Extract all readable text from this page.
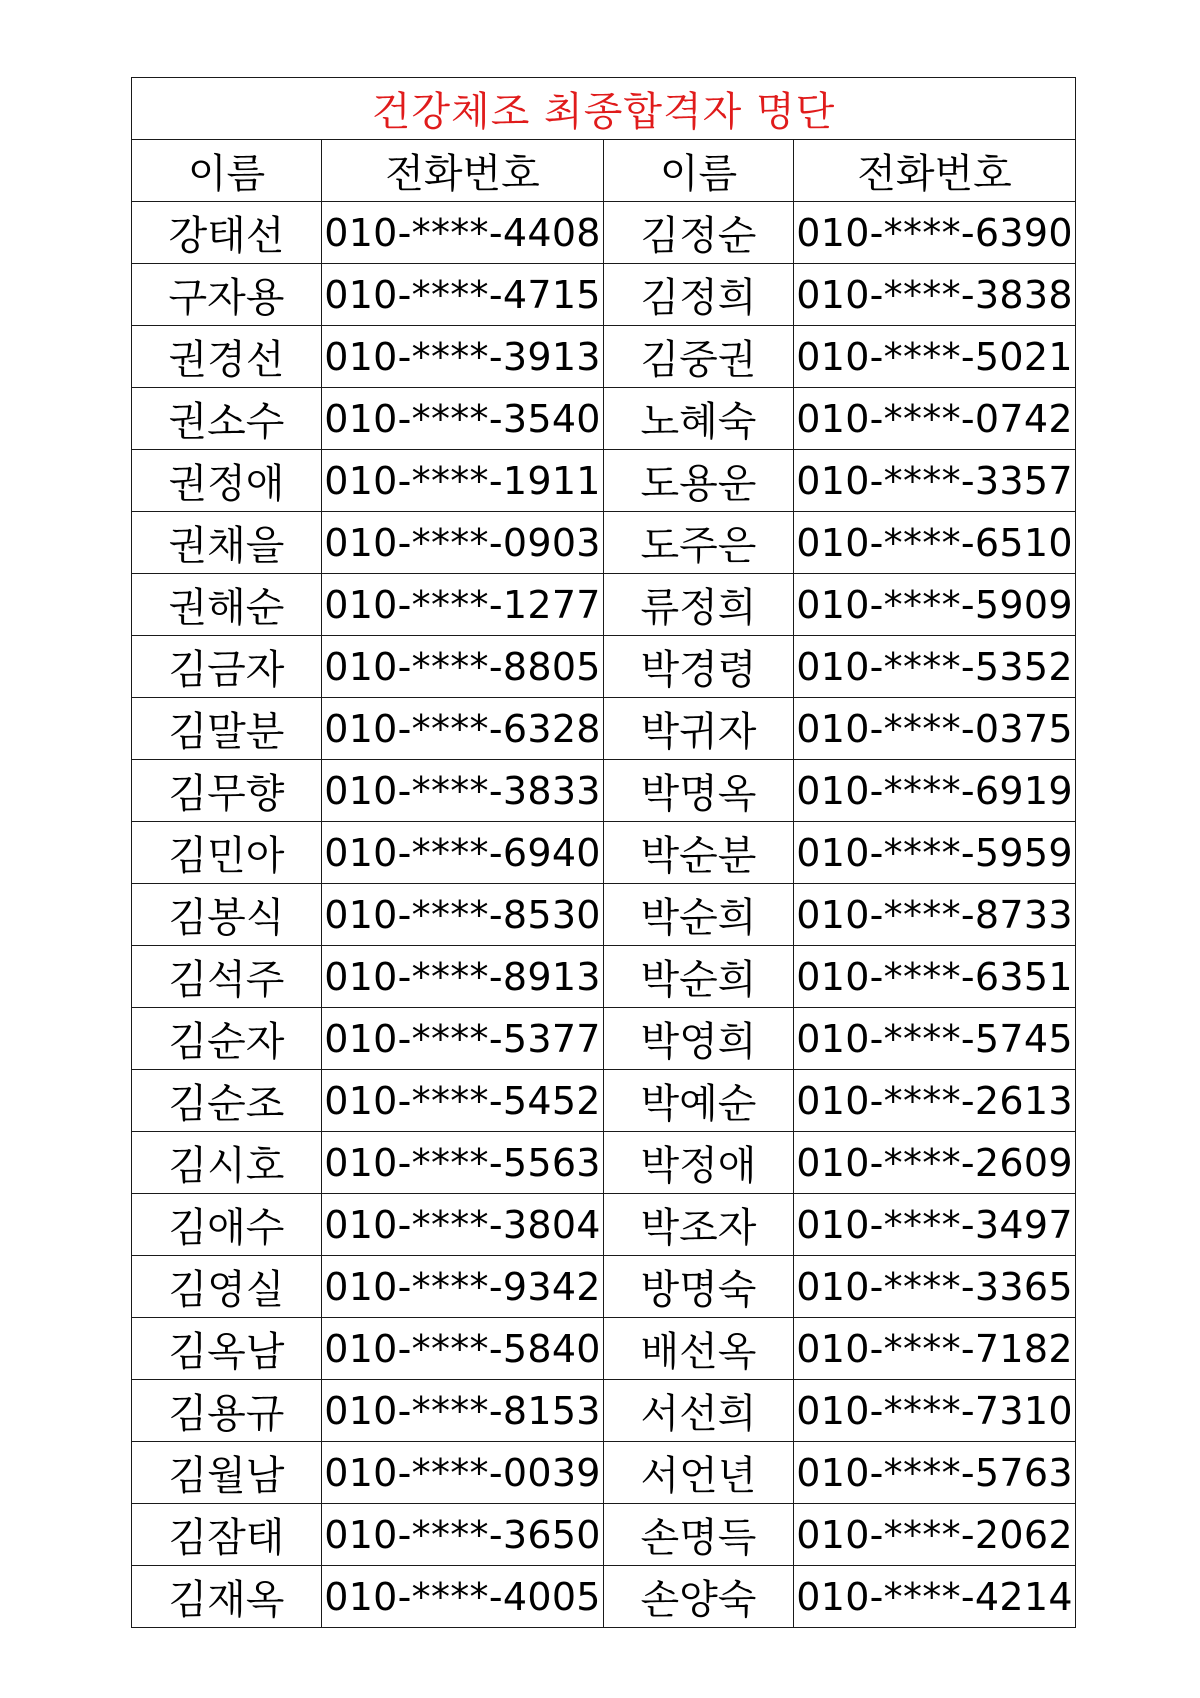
건강체조 최종합격자 명단			
이름	전화번호	이름	전화번호
강태선	010-****-4408	김정순	010-****-6390
구자용	010-****-4715	김정희	010-****-3838
권경선	010-****-3913	김중권	010-****-5021
권소수	010-****-3540	노혜숙	010-****-0742
권정애	010-****-1911	도용운	010-****-3357
권채을	010-****-0903	도주은	010-****-6510
권해순	010-****-1277	류정희	010-****-5909
김금자	010-****-8805	박경령	010-****-5352
김말분	010-****-6328	박귀자	010-****-0375
김무향	010-****-3833	박명옥	010-****-6919
김민아	010-****-6940	박순분	010-****-5959
김봉식	010-****-8530	박순희	010-****-8733
김석주	010-****-8913	박순희	010-****-6351
김순자	010-****-5377	박영희	010-****-5745
김순조	010-****-5452	박예순	010-****-2613
김시호	010-****-5563	박정애	010-****-2609
김애수	010-****-3804	박조자	010-****-3497
김영실	010-****-9342	방명숙	010-****-3365
김옥남	010-****-5840	배선옥	010-****-7182
김용규	010-****-8153	서선희	010-****-7310
김월남	010-****-0039	서언년	010-****-5763
김잠태	010-****-3650	손명득	010-****-2062
김재옥	010-****-4005	손양숙	010-****-4214
